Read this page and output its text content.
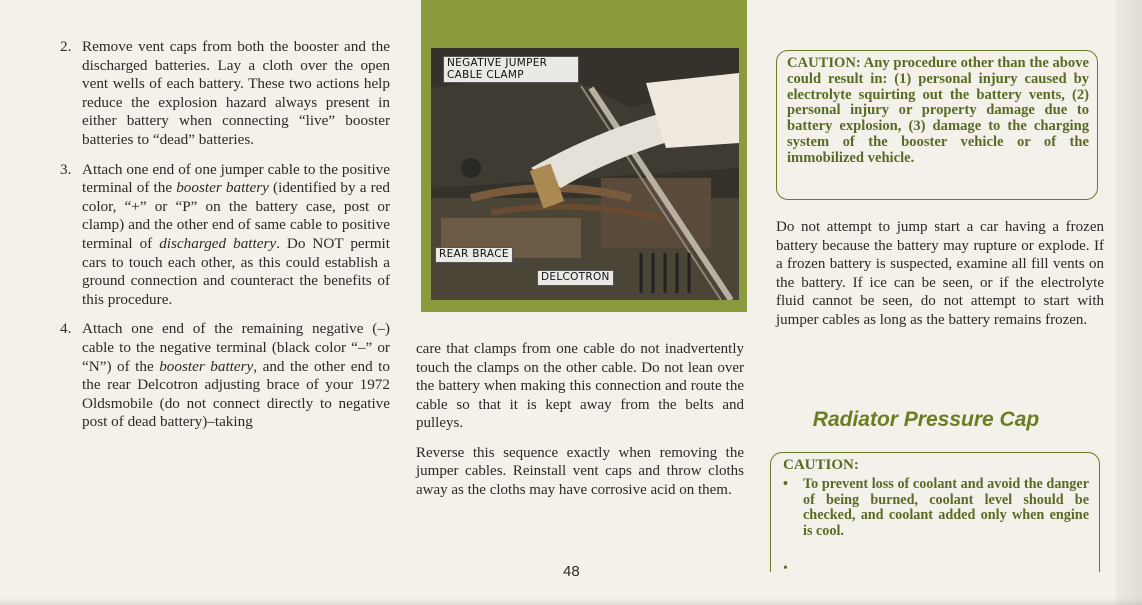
2. Remove vent caps from both the booster and the discharged batteries. Lay a cloth over the open vent wells of each battery. These two actions help reduce the explosion hazard always present in either battery when connecting “live” booster batteries to “dead” batteries.
3. Attach one end of one jumper cable to the positive terminal of the booster battery (identified by a red color, “+” or “P” on the battery case, post or clamp) and the other end of same cable to positive terminal of discharged battery. Do NOT permit cars to touch each other, as this could establish a ground connection and counteract the benefits of this procedure.
4. Attach one end of the remaining negative (–) cable to the negative terminal (black color “–” or “N”) of the booster battery, and the other end to the rear Delcotron adjusting brace of your 1972 Oldsmobile (do not connect directly to negative post of dead battery)–taking
NEGATIVE JUMPER CABLE CLAMP
REAR BRACE
DELCOTRON

care that clamps from one cable do not inadvertently touch the clamps on the other cable. Do not lean over the battery when making this connection and route the cable so that it is kept away from the belts and pulleys.

Reverse this sequence exactly when removing the jumper cables. Reinstall vent caps and throw cloths away as the cloths may have corrosive acid on them.

48

CAUTION: Any procedure other than the above could result in: (1) personal injury caused by electrolyte squirting out the battery vents, (2) personal injury or property damage due to battery explosion, (3) damage to the charging system of the booster vehicle or of the immobilized vehicle.

Do not attempt to jump start a car having a frozen battery because the battery may rupture or explode. If a frozen battery is suspected, examine all fill vents on the battery. If ice can be seen, or if the electrolyte fluid cannot be seen, do not attempt to start with jumper cables as long as the battery remains frozen.
Radiator Pressure Cap
CAUTION:
• To prevent loss of coolant and avoid the danger of being burned, coolant level should be checked, and coolant added only when engine is cool.
•
